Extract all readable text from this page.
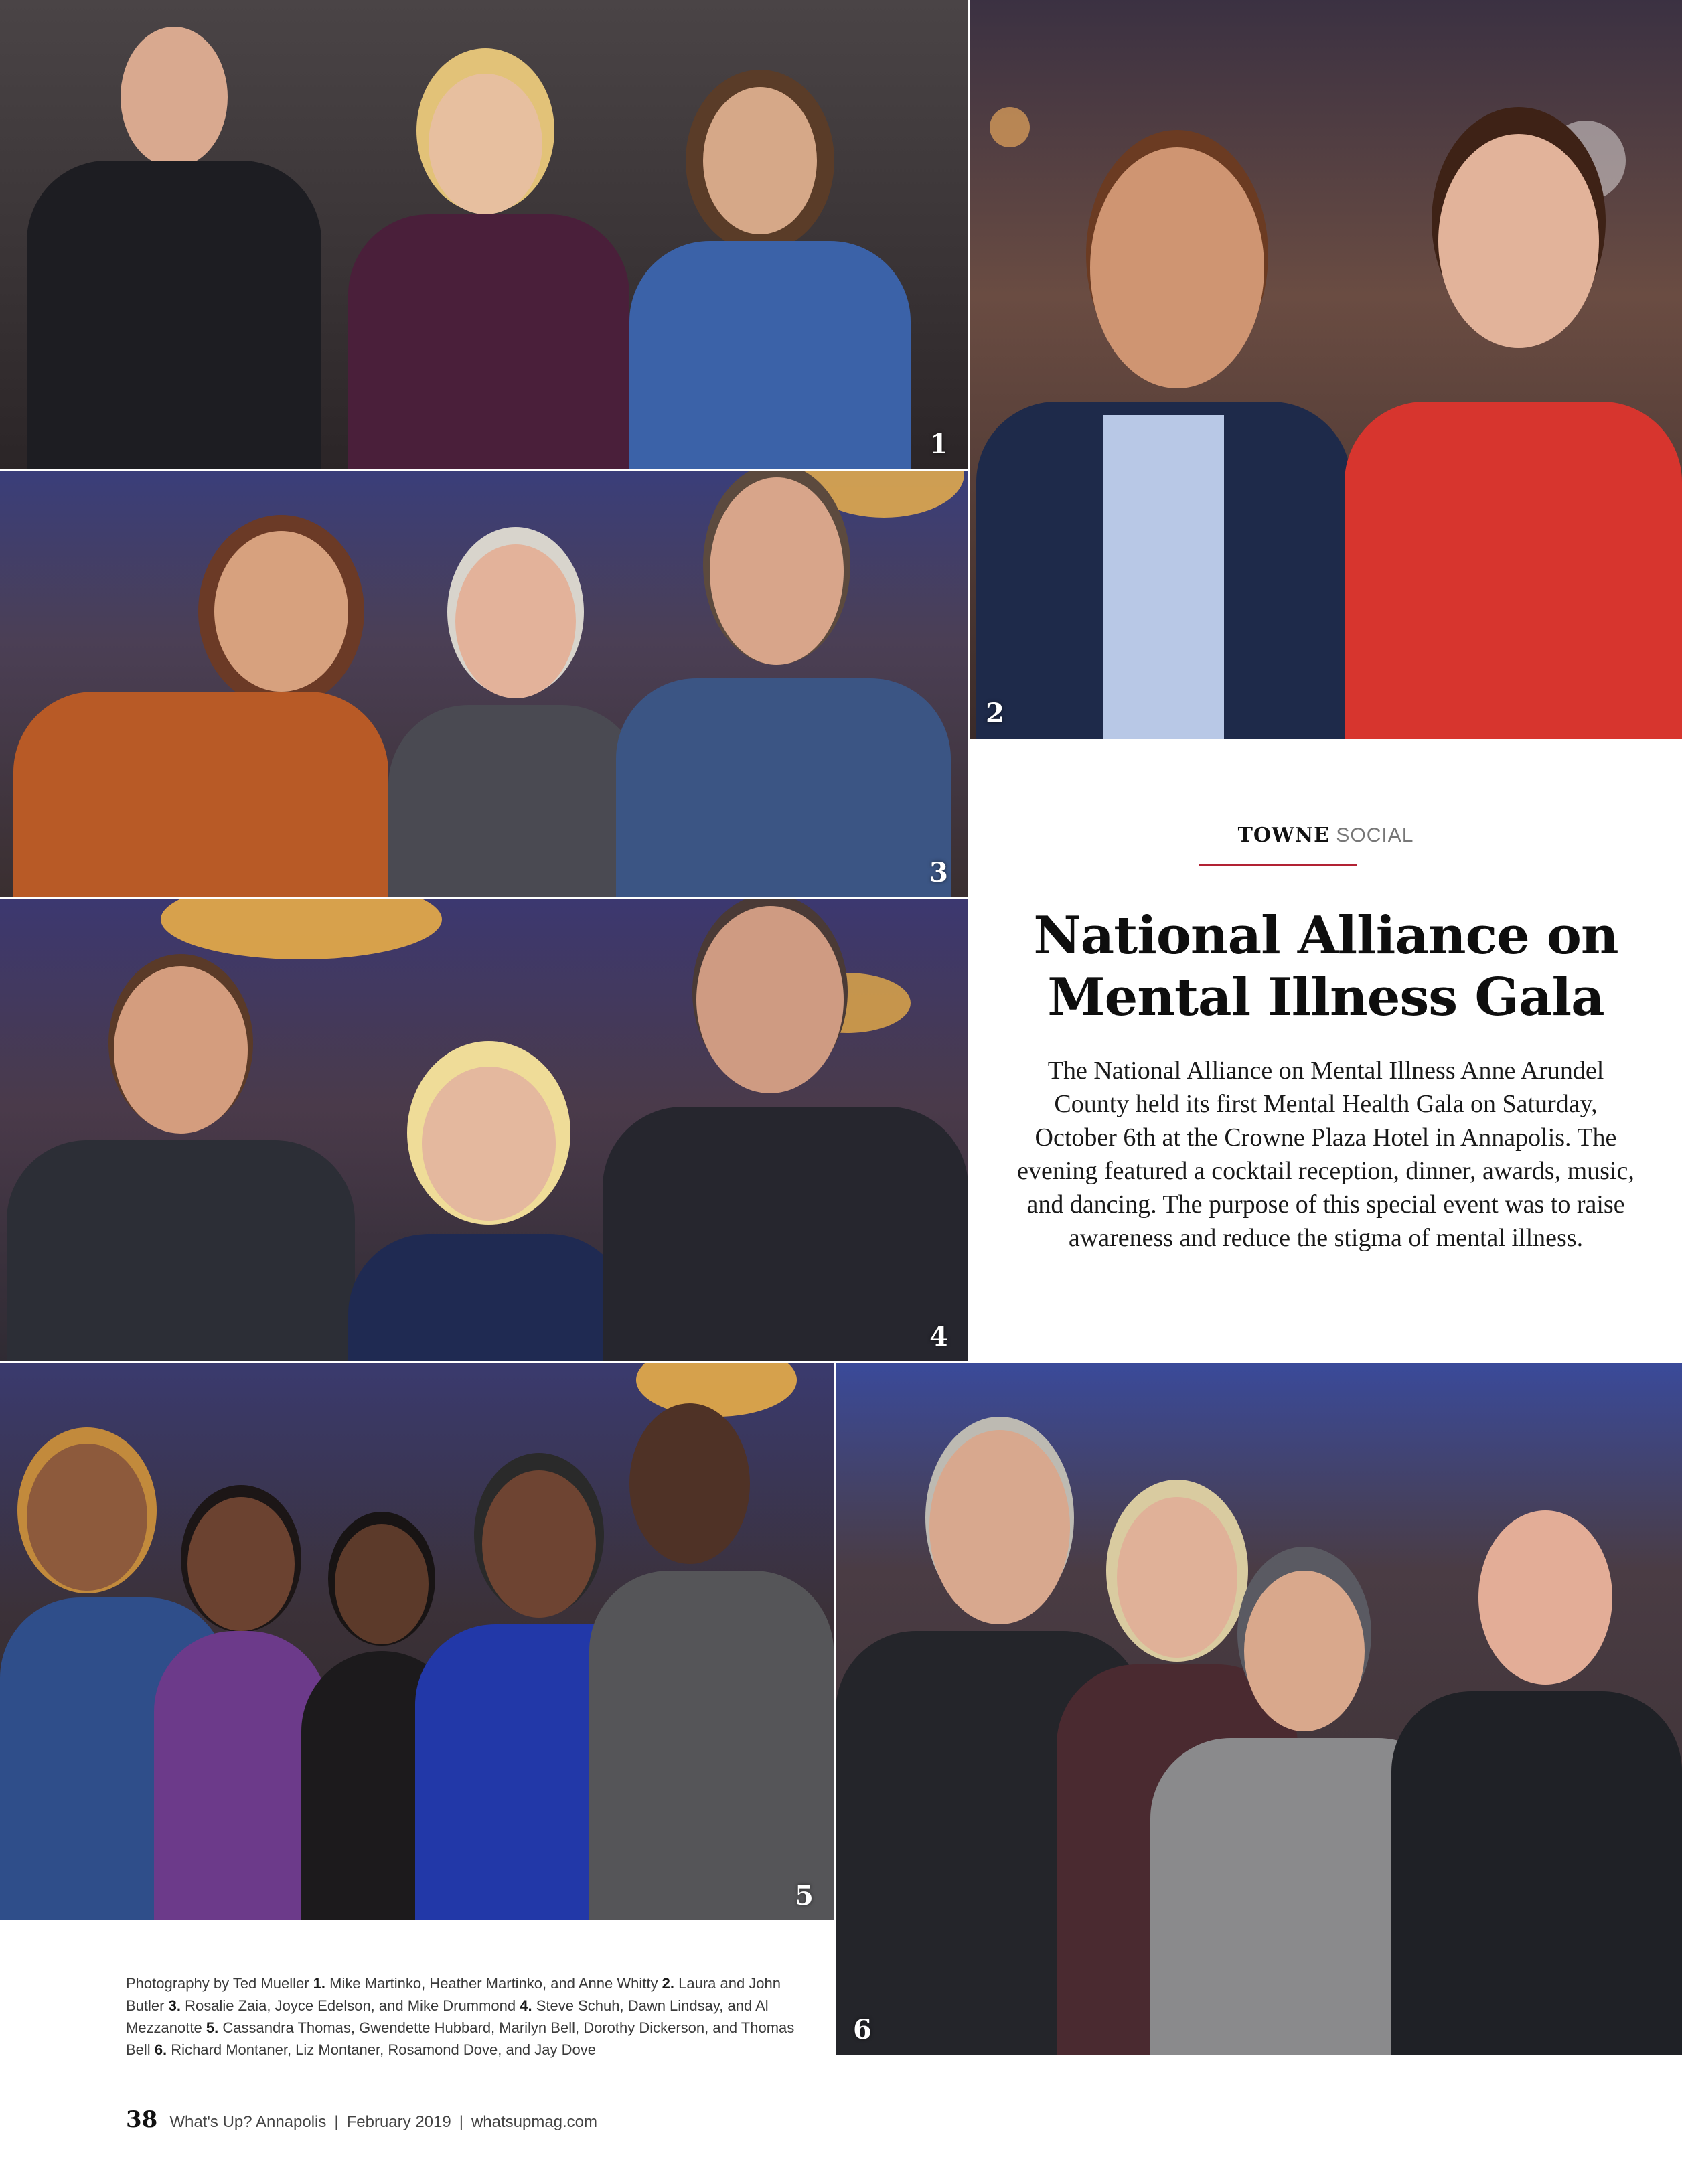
1
2
3
4
5
6
TOWNE SOCIAL
National Alliance on Mental Illness Gala

The National Alliance on Mental Illness Anne Arundel County held its first Mental Health Gala on Saturday, October 6th at the Crowne Plaza Hotel in Annapolis. The evening featured a cocktail reception, dinner, awards, music, and dancing. The purpose of this special event was to raise awareness and reduce the stigma of mental illness.

Photography by Ted Mueller 1. Mike Martinko, Heather Martinko, and Anne Whitty 2. Laura and John Butler 3. Rosalie Zaia, Joyce Edelson, and Mike Drummond 4. Steve Schuh, Dawn Lindsay, and Al Mezzanotte 5. Cassandra Thomas, Gwendette Hubbard, Marilyn Bell, Dorothy Dickerson, and Thomas Bell 6. Richard Montaner, Liz Montaner, Rosamond Dove, and Jay Dove
38 What's Up? Annapolis | February 2019 | whatsupmag.com
